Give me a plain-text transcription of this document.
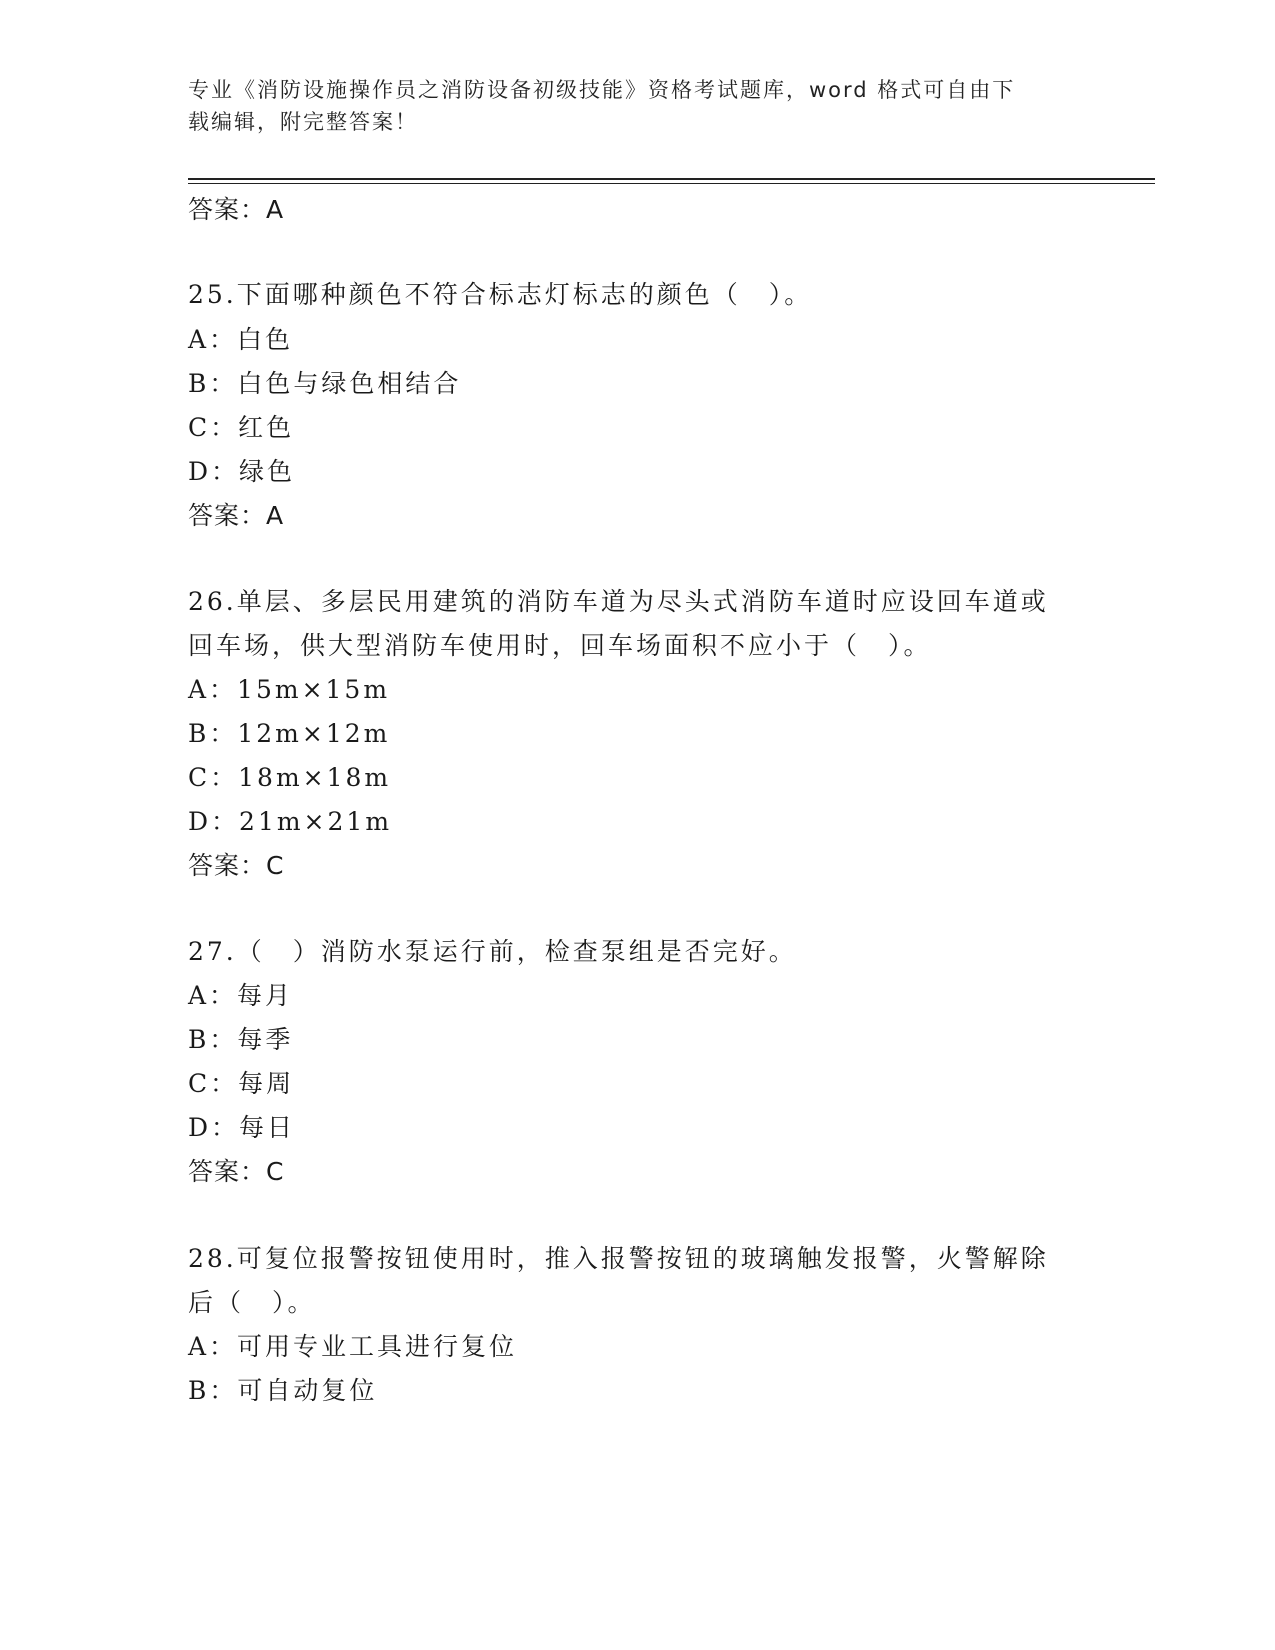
专业《消防设施操作员之消防设备初级技能》资格考试题库，word 格式可自由下
载编辑，附完整答案！
答案：A
25.下面哪种颜色不符合标志灯标志的颜色（　）。
A：白色
B：白色与绿色相结合
C：红色
D：绿色
答案：A
26.单层、多层民用建筑的消防车道为尽头式消防车道时应设回车道或
回车场，供大型消防车使用时，回车场面积不应小于（　）。
A：15m×15m
B：12m×12m
C：18m×18m
D：21m×21m
答案：C
27.（　）消防水泵运行前，检查泵组是否完好。
A：每月
B：每季
C：每周
D：每日
答案：C
28.可复位报警按钮使用时，推入报警按钮的玻璃触发报警，火警解除
后（　）。
A：可用专业工具进行复位
B：可自动复位
